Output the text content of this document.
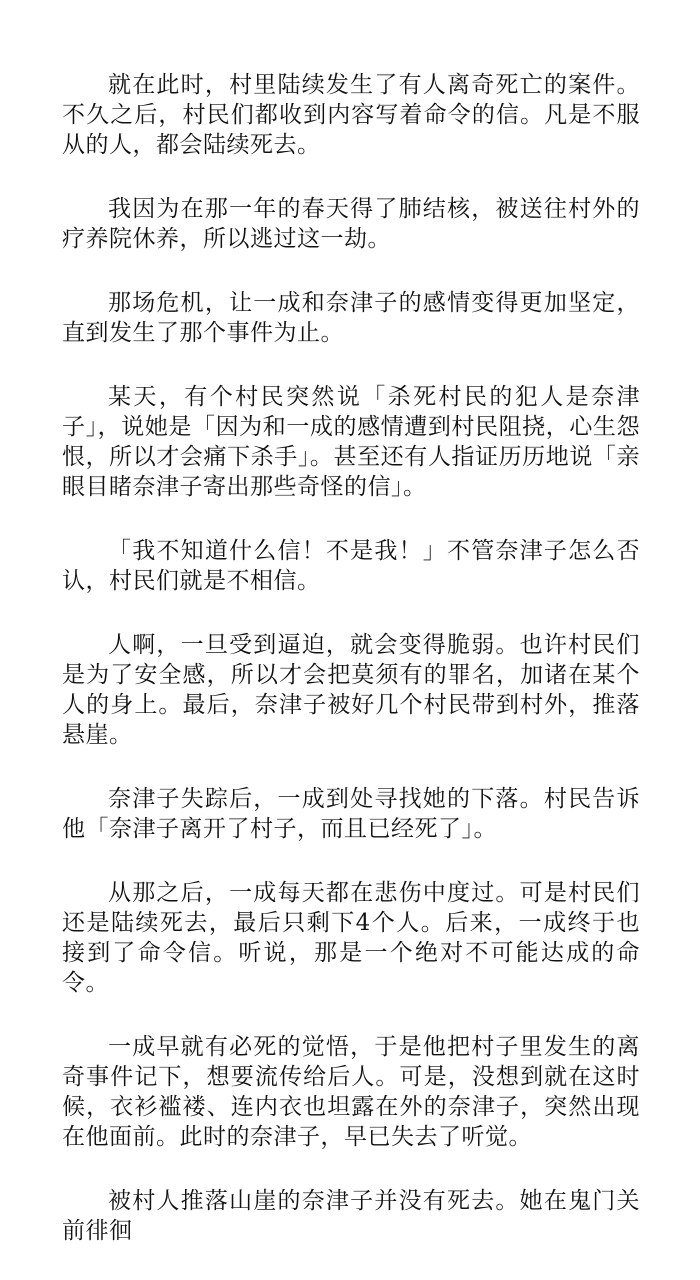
就在此时，村里陆续发生了有人离奇死亡的案件。不久之后，村民们都收到内容写着命令的信。凡是不服从的人，都会陆续死去。

我因为在那一年的春天得了肺结核，被送往村外的疗养院休养，所以逃过这一劫。

那场危机，让一成和奈津子的感情变得更加坚定，直到发生了那个事件为止。

某天，有个村民突然说「杀死村民的犯人是奈津子」，说她是「因为和一成的感情遭到村民阻挠，心生怨恨，所以才会痛下杀手」。甚至还有人指证历历地说「亲眼目睹奈津子寄出那些奇怪的信」。

「我不知道什么信！不是我！」不管奈津子怎么否认，村民们就是不相信。

人啊，一旦受到逼迫，就会变得脆弱。也许村民们是为了安全感，所以才会把莫须有的罪名，加诸在某个人的身上。最后，奈津子被好几个村民带到村外，推落悬崖。

奈津子失踪后，一成到处寻找她的下落。村民告诉他「奈津子离开了村子，而且已经死了」。

从那之后，一成每天都在悲伤中度过。可是村民们还是陆续死去，最后只剩下4个人。后来，一成终于也接到了命令信。听说，那是一个绝对不可能达成的命令。

一成早就有必死的觉悟，于是他把村子里发生的离奇事件记下，想要流传给后人。可是，没想到就在这时候，衣衫褴褛、连内衣也坦露在外的奈津子，突然出现在他面前。此时的奈津子，早已失去了听觉。

被村人推落山崖的奈津子并没有死去。她在鬼门关前徘徊
